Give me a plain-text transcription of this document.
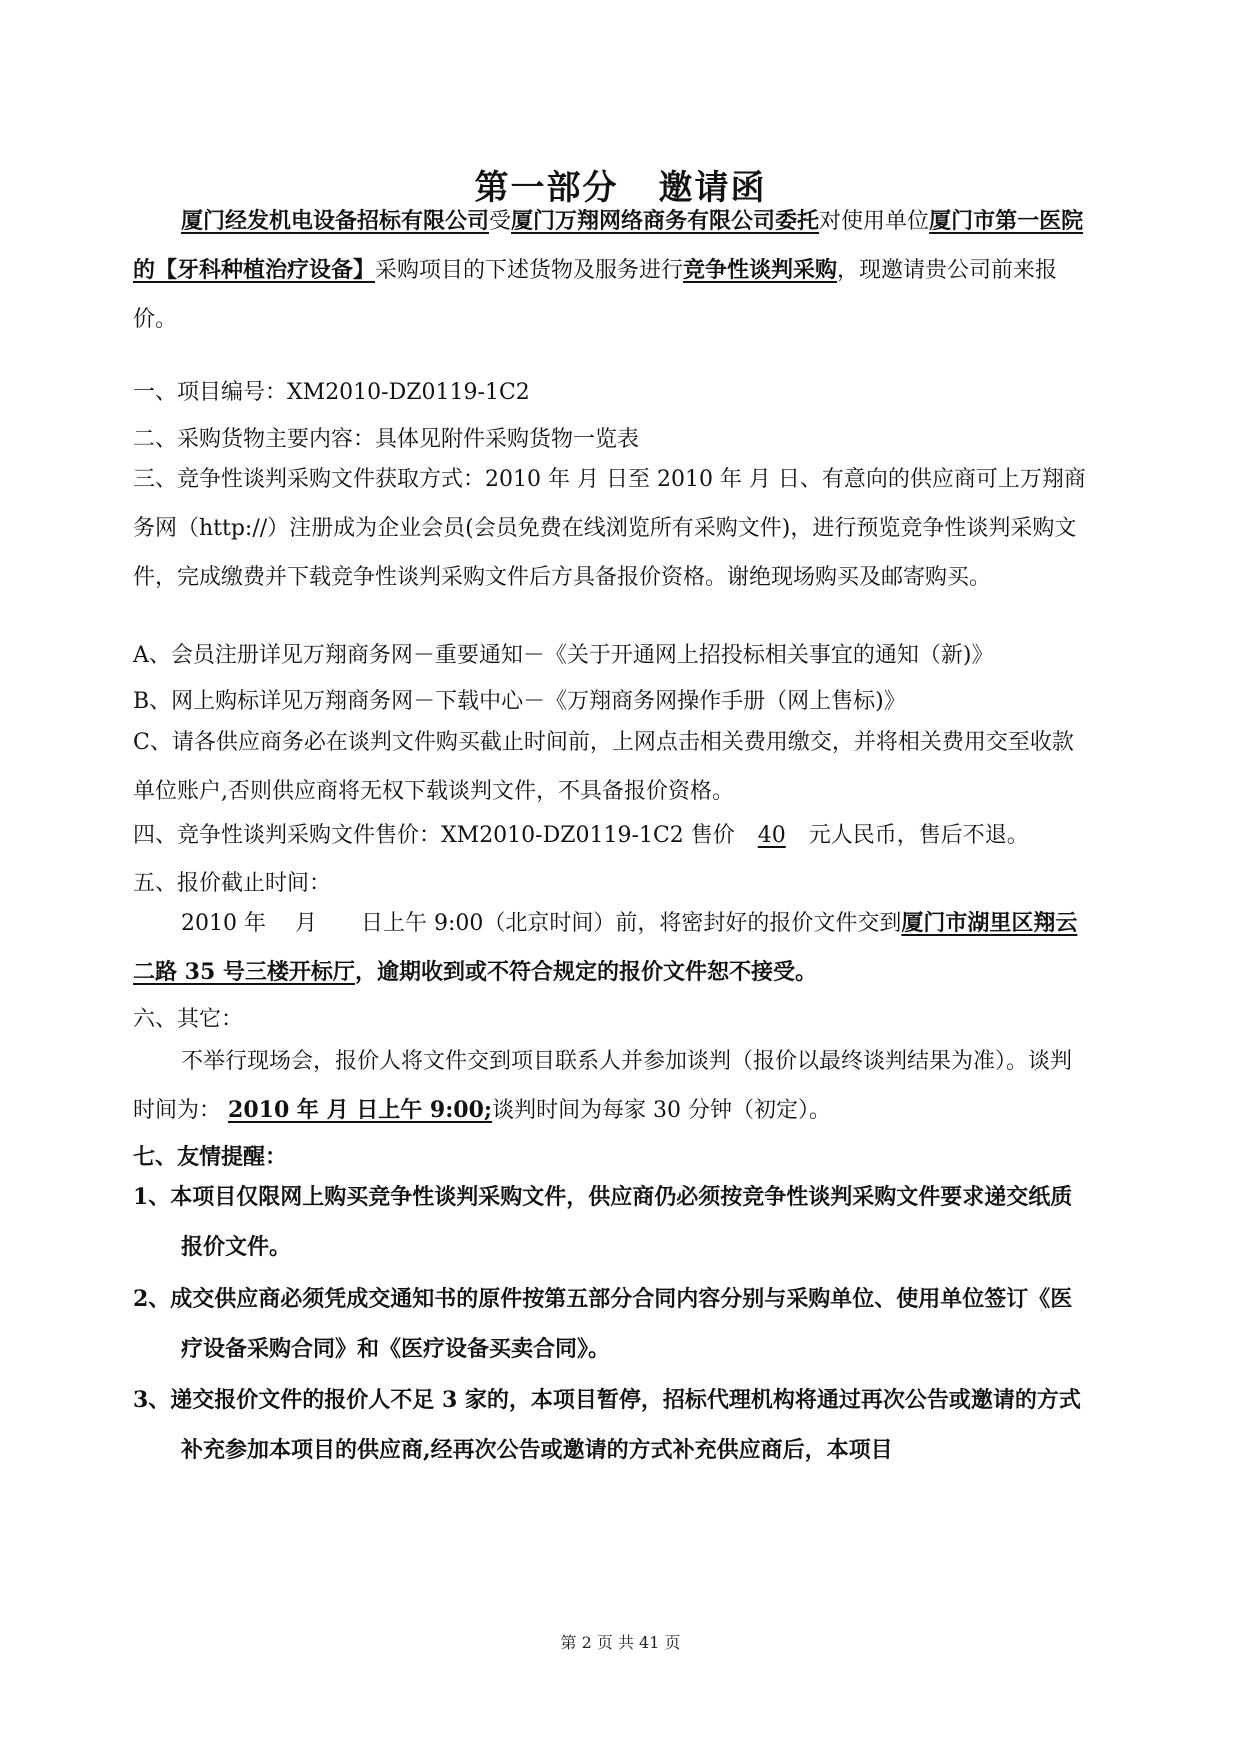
第一部分 邀请函
厦门经发机电设备招标有限公司受厦门万翔网络商务有限公司委托对使用单位厦门市第一医院的【牙科种植治疗设备】采购项目的下述货物及服务进行竞争性谈判采购，现邀请贵公司前来报价。
一、项目编号：XM2010-DZ0119-1C2
二、采购货物主要内容：具体见附件采购货物一览表
三、竞争性谈判采购文件获取方式：2010 年 月 日至 2010 年 月 日、有意向的供应商可上万翔商务网（http://）注册成为企业会员(会员免费在线浏览所有采购文件)，进行预览竞争性谈判采购文件，完成缴费并下载竞争性谈判采购文件后方具备报价资格。谢绝现场购买及邮寄购买。
A、会员注册详见万翔商务网－重要通知－《关于开通网上招投标相关事宜的通知（新)》
B、网上购标详见万翔商务网－下载中心－《万翔商务网操作手册（网上售标)》
C、请各供应商务必在谈判文件购买截止时间前，上网点击相关费用缴交，并将相关费用交至收款单位账户,否则供应商将无权下载谈判文件，不具备报价资格。
四、竞争性谈判采购文件售价：XM2010-DZ0119-1C2 售价 40 元人民币，售后不退。
五、报价截止时间：
2010 年　 月　　日上午 9:00（北京时间）前，将密封好的报价文件交到厦门市湖里区翔云二路 35 号三楼开标厅，逾期收到或不符合规定的报价文件恕不接受。
六、其它：
不举行现场会，报价人将文件交到项目联系人并参加谈判（报价以最终谈判结果为准）。谈判时间为： 2010 年 月 日上午 9:00;谈判时间为每家 30 分钟（初定）。
七、友情提醒：
1、本项目仅限网上购买竞争性谈判采购文件，供应商仍必须按竞争性谈判采购文件要求递交纸质报价文件。
2、成交供应商必须凭成交通知书的原件按第五部分合同内容分别与采购单位、使用单位签订《医疗设备采购合同》和《医疗设备买卖合同》。
3、递交报价文件的报价人不足 3 家的，本项目暂停，招标代理机构将通过再次公告或邀请的方式补充参加本项目的供应商,经再次公告或邀请的方式补充供应商后，本项目
第 2 页 共 41 页
